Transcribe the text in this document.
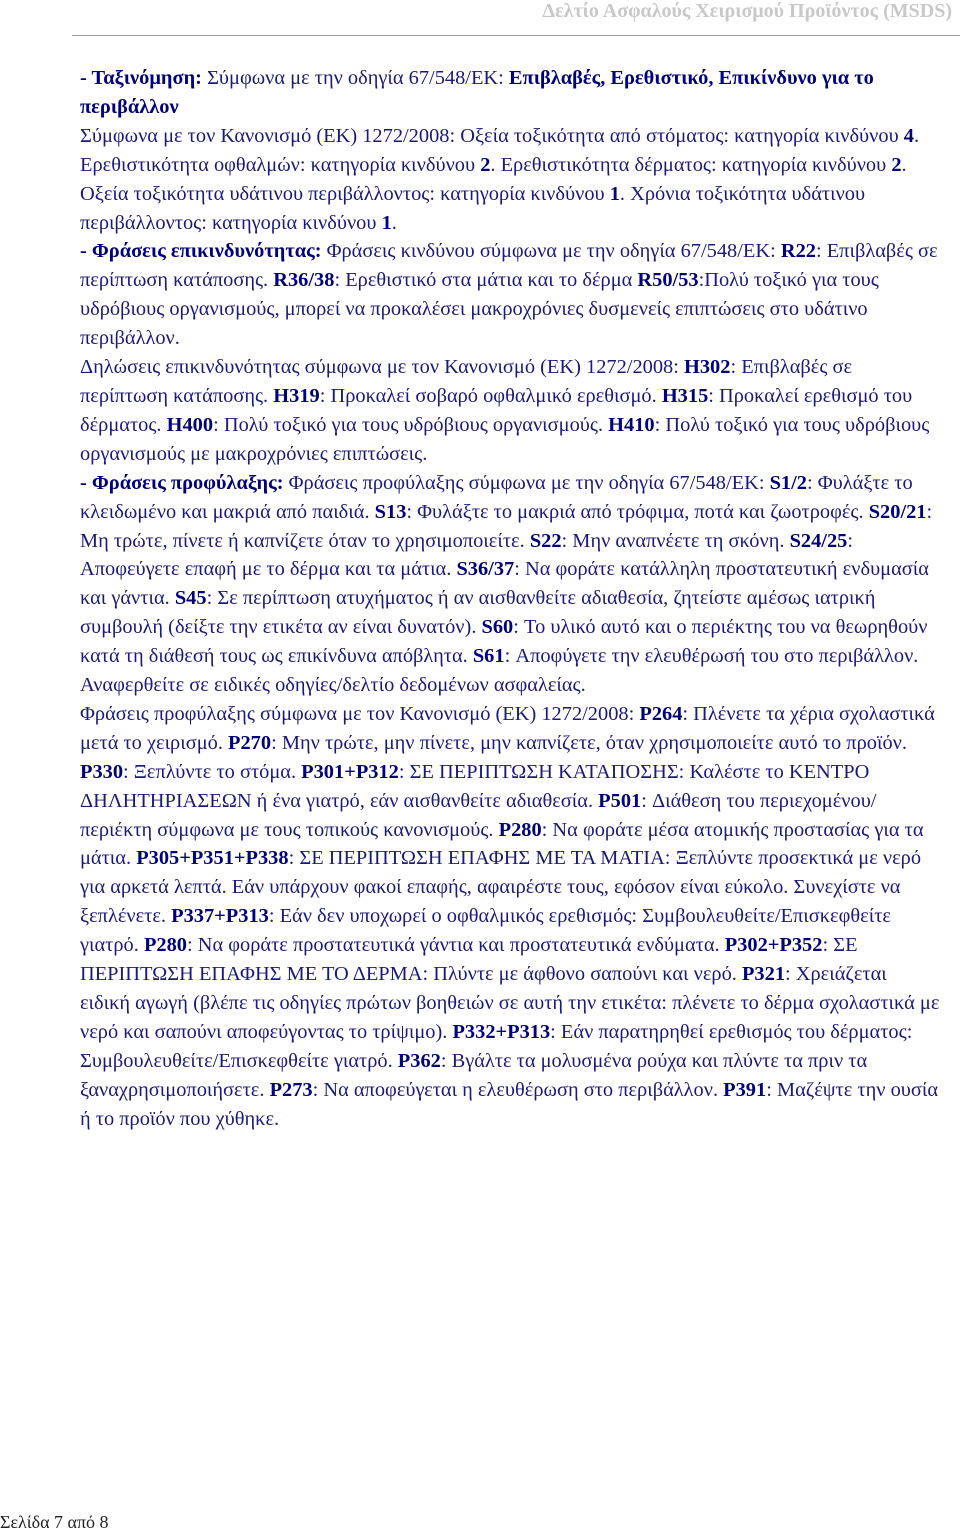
Δελτίο Ασφαλούς Χειρισμού Προϊόντος (MSDS)

- Ταξινόμηση: Σύμφωνα με την οδηγία 67/548/ΕΚ: Επιβλαβές, Ερεθιστικό, Επικίνδυνο για το περιβάλλον

Σύμφωνα με τον Κανονισμό (ΕΚ) 1272/2008: Οξεία τοξικότητα από στόματος: κατηγορία κινδύνου 4. Ερεθιστικότητα οφθαλμών: κατηγορία κινδύνου 2. Ερεθιστικότητα δέρματος: κατηγορία κινδύνου 2. Οξεία τοξικότητα υδάτινου περιβάλλοντος: κατηγορία κινδύνου 1. Χρόνια τοξικότητα υδάτινου περιβάλλοντος: κατηγορία κινδύνου 1.

- Φράσεις επικινδυνότητας: Φράσεις κινδύνου σύμφωνα με την οδηγία 67/548/ΕΚ: R22: Επιβλαβές σε περίπτωση κατάποσης. R36/38: Ερεθιστικό στα μάτια και το δέρμα R50/53:Πολύ τοξικό για τους υδρόβιους οργανισμούς, μπορεί να προκαλέσει μακροχρόνιες δυσμενείς επιπτώσεις στο υδάτινο περιβάλλον.

Δηλώσεις επικινδυνότητας σύμφωνα με τον Κανονισμό (ΕΚ) 1272/2008: H302: Επιβλαβές σε περίπτωση κατάποσης. H319: Προκαλεί σοβαρό οφθαλμικό ερεθισμό. H315: Προκαλεί ερεθισμό του δέρματος. H400: Πολύ τοξικό για τους υδρόβιους οργανισμούς. H410: Πολύ τοξικό για τους υδρόβιους οργανισμούς με μακροχρόνιες επιπτώσεις.

- Φράσεις προφύλαξης: Φράσεις προφύλαξης σύμφωνα με την οδηγία 67/548/ΕΚ: S1/2: Φυλάξτε το κλειδωμένο και μακριά από παιδιά. S13: Φυλάξτε το μακριά από τρόφιμα, ποτά και ζωοτροφές. S20/21: Μη τρώτε, πίνετε ή καπνίζετε όταν το χρησιμοποιείτε. S22: Μην αναπνέετε τη σκόνη. S24/25: Αποφεύγετε επαφή με το δέρμα και τα μάτια. S36/37: Να φοράτε κατάλληλη προστατευτική ενδυμασία και γάντια. S45: Σε περίπτωση ατυχήματος ή αν αισθανθείτε αδιαθεσία, ζητείστε αμέσως ιατρική συμβουλή (δείξτε την ετικέτα αν είναι δυνατόν). S60: Το υλικό αυτό και ο περιέκτης του να θεωρηθούν κατά τη διάθεσή τους ως επικίνδυνα απόβλητα. S61: Αποφύγετε την ελευθέρωσή του στο περιβάλλον. Αναφερθείτε σε ειδικές οδηγίες/δελτίο δεδομένων ασφαλείας.

Φράσεις προφύλαξης σύμφωνα με τον Κανονισμό (ΕΚ) 1272/2008: P264: Πλένετε τα χέρια σχολαστικά μετά το χειρισμό. P270: Μην τρώτε, μην πίνετε, μην καπνίζετε, όταν χρησιμοποιείτε αυτό το προϊόν. P330: Ξεπλύντε το στόμα. P301+P312: ΣΕ ΠΕΡΙΠΤΩΣΗ ΚΑΤΑΠΟΣΗΣ: Καλέστε το ΚΕΝΤΡΟ ΔΗΛΗΤΗΡΙΑΣΕΩΝ ή ένα γιατρό, εάν αισθανθείτε αδιαθεσία. P501: Διάθεση του περιεχομένου/περιέκτη σύμφωνα με τους τοπικούς κανονισμούς. P280: Να φοράτε μέσα ατομικής προστασίας για τα μάτια. P305+P351+P338: ΣΕ ΠΕΡΙΠΤΩΣΗ ΕΠΑΦΗΣ ΜΕ ΤΑ ΜΑΤΙΑ: Ξεπλύντε προσεκτικά με νερό για αρκετά λεπτά. Εάν υπάρχουν φακοί επαφής, αφαιρέστε τους, εφόσον είναι εύκολο. Συνεχίστε να ξεπλένετε. P337+P313: Εάν δεν υποχωρεί ο οφθαλμικός ερεθισμός: Συμβουλευθείτε/Επισκεφθείτε γιατρό. P280: Να φοράτε προστατευτικά γάντια και προστατευτικά ενδύματα. P302+P352: ΣΕ ΠΕΡΙΠΤΩΣΗ ΕΠΑΦΗΣ ΜΕ ΤΟ ΔΕΡΜΑ: Πλύντε με άφθονο σαπούνι και νερό. P321: Χρειάζεται ειδική αγωγή (βλέπε τις οδηγίες πρώτων βοηθειών σε αυτή την ετικέτα: πλένετε το δέρμα σχολαστικά με νερό και σαπούνι αποφεύγοντας το τρίψιμο). P332+P313: Εάν παρατηρηθεί ερεθισμός του δέρματος: Συμβουλευθείτε/Επισκεφθείτε γιατρό. P362: Βγάλτε τα μολυσμένα ρούχα και πλύντε τα πριν τα ξαναχρησιμοποιήσετε. P273: Να αποφεύγεται η ελευθέρωση στο περιβάλλον. P391: Μαζέψτε την ουσία ή το προϊόν που χύθηκε.

Σελίδα 7 από 8
